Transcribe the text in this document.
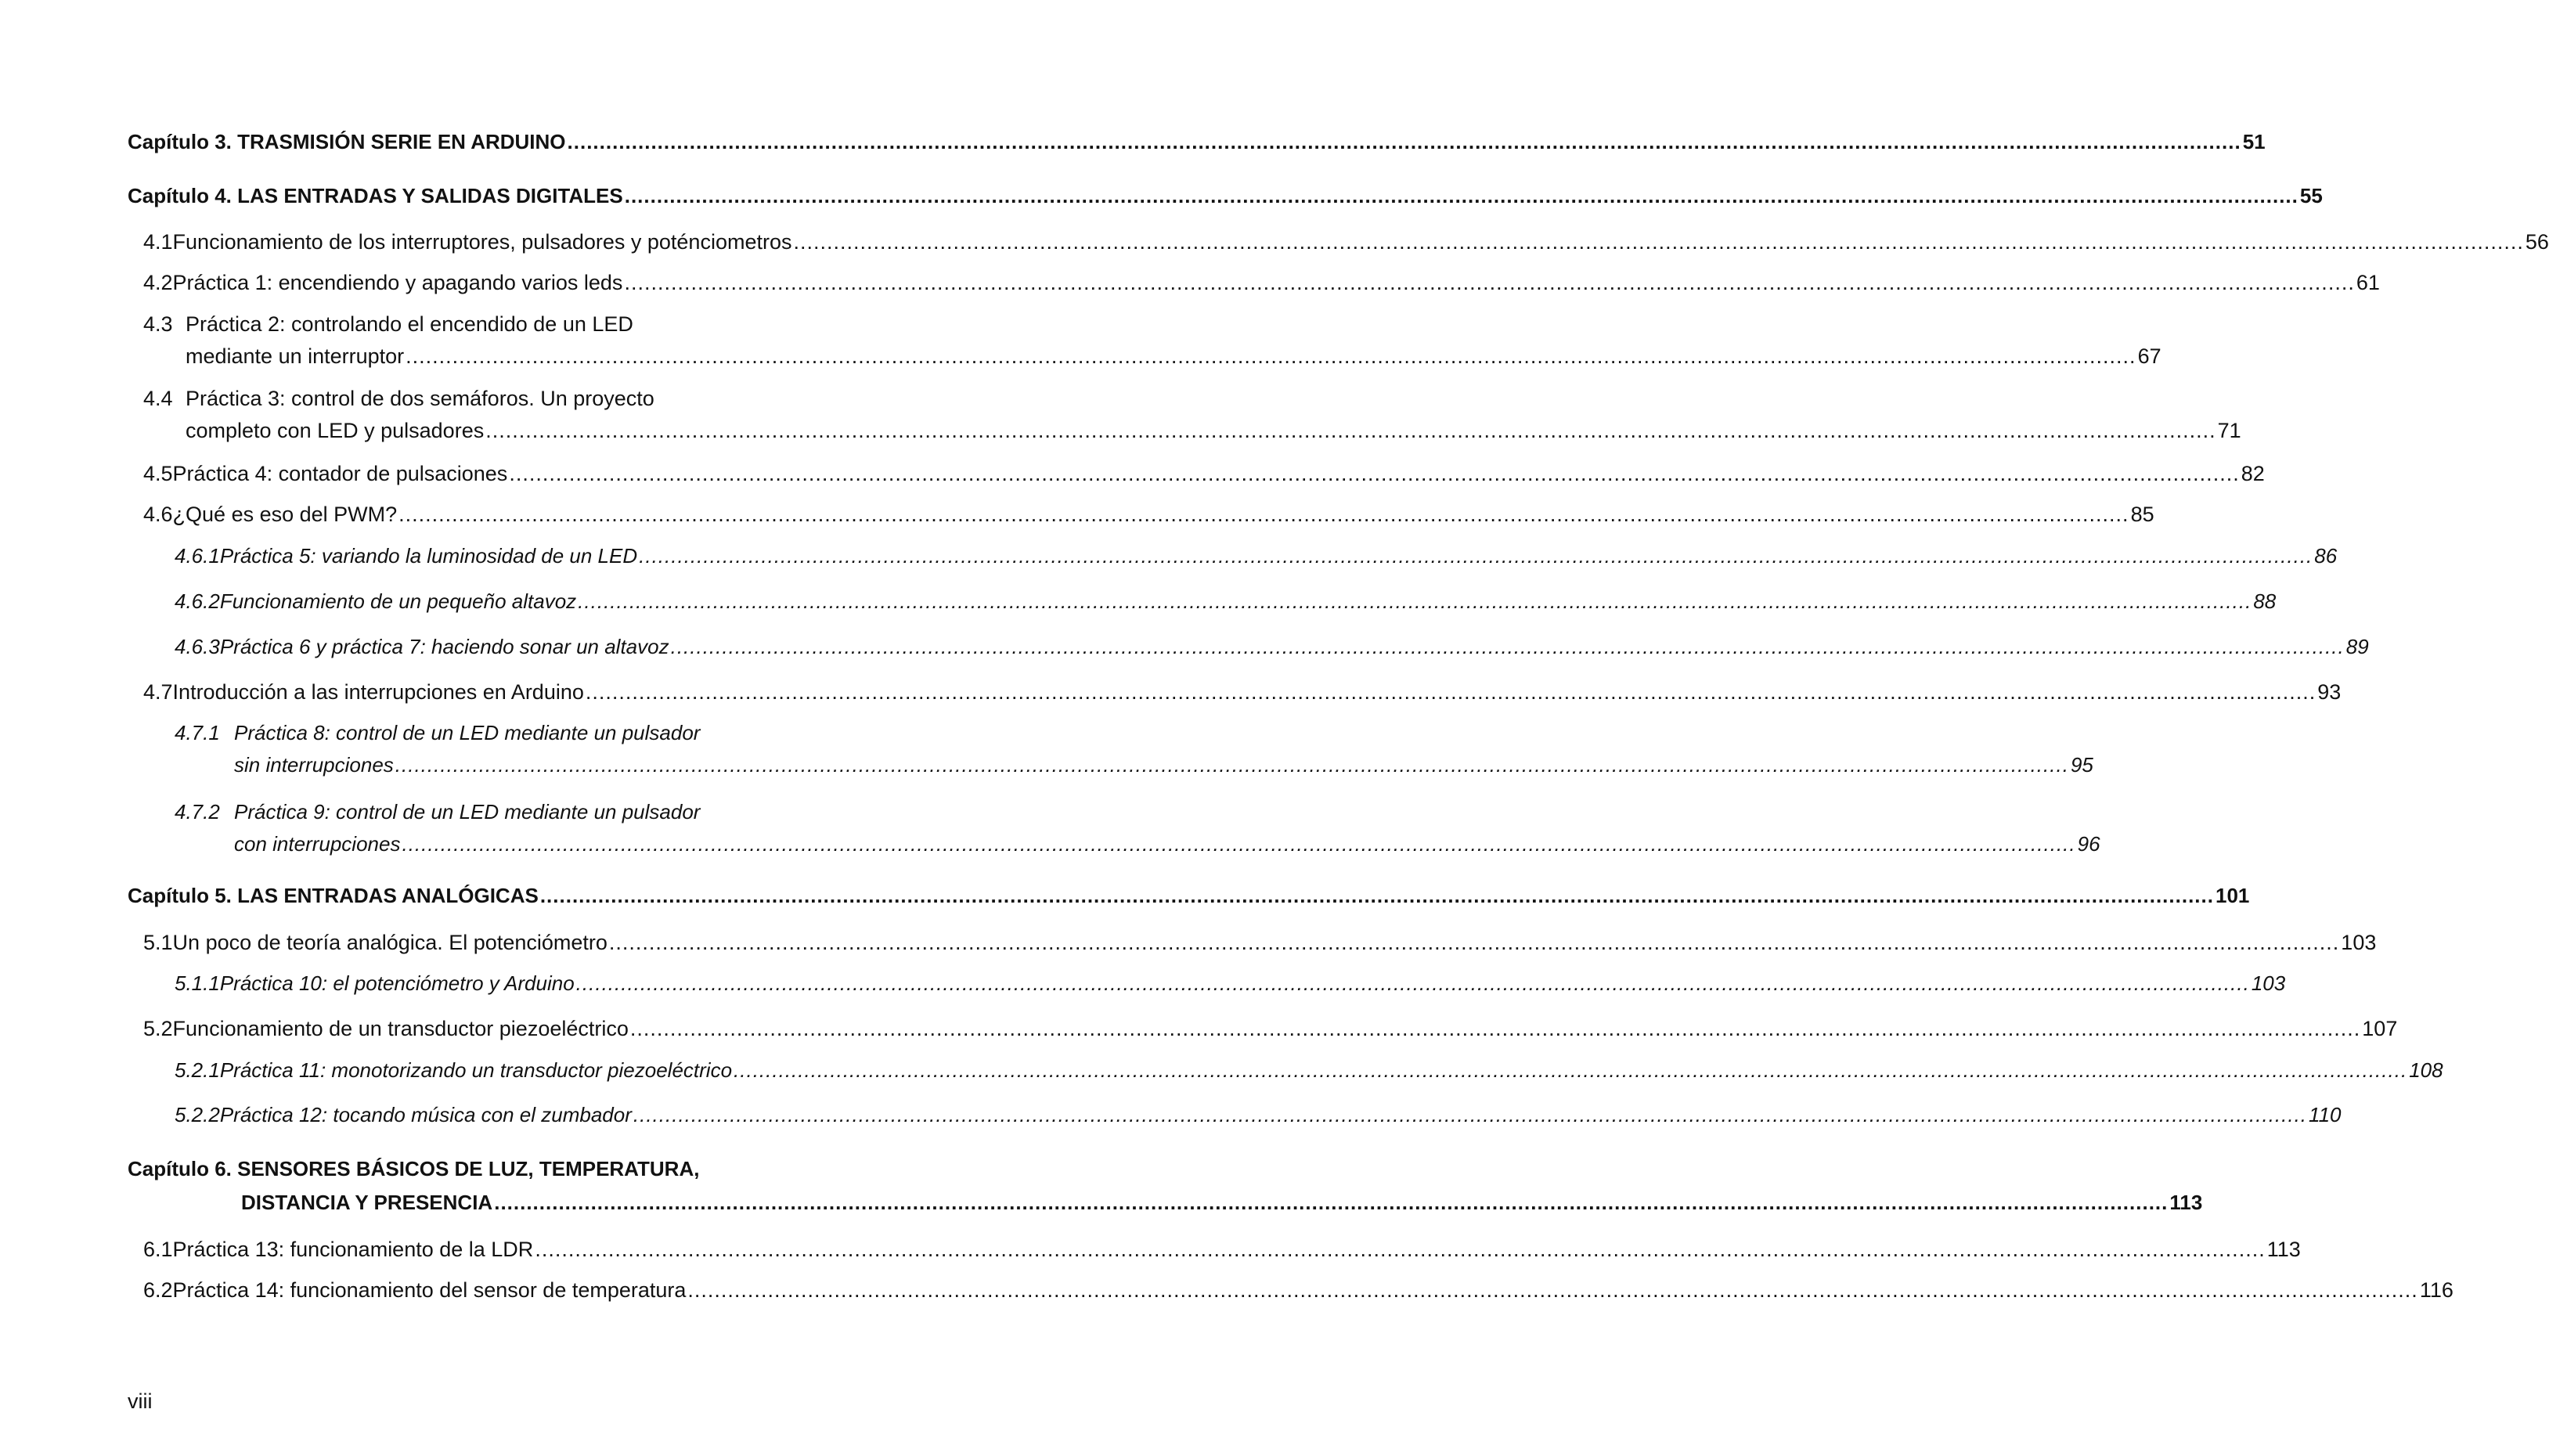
Capítulo 3. TRASMISIÓN SERIE EN ARDUINO .....	51
Capítulo 4. LAS ENTRADAS Y SALIDAS DIGITALES .....	55
4.1 Funcionamiento de los interruptores, pulsadores y poténciometros .....	56
4.2 Práctica 1: encendiendo y apagando varios leds .....	61
4.3 Práctica 2: controlando el encendido de un LED
mediante un interruptor .....	67
4.4 Práctica 3: control de dos semáforos. Un proyecto
completo con LED y pulsadores .....	71
4.5 Práctica 4: contador de pulsaciones .....	82
4.6 ¿Qué es eso del PWM? .....	85
4.6.1 Práctica 5: variando la luminosidad de un LED .....	86
4.6.2 Funcionamiento de un pequeño altavoz .....	88
4.6.3 Práctica 6 y práctica 7: haciendo sonar un altavoz .....	89
4.7 Introducción a las interrupciones en Arduino .....	93
4.7.1 Práctica 8: control de un LED mediante un pulsador
sin interrupciones .....	95
4.7.2 Práctica 9: control de un LED mediante un pulsador
con interrupciones .....	96
Capítulo 5. LAS ENTRADAS ANALÓGICAS .....	101
5.1 Un poco de teoría analógica. El potenciómetro .....	103
5.1.1 Práctica 10: el potenciómetro y Arduino .....	103
5.2 Funcionamiento de un transductor piezoeléctrico .....	107
5.2.1 Práctica 11: monotorizando un transductor piezoeléctrico .....	108
5.2.2 Práctica 12: tocando música con el zumbador .....	110
Capítulo 6. SENSORES BÁSICOS DE LUZ, TEMPERATURA,
DISTANCIA Y PRESENCIA .....	113
6.1 Práctica 13: funcionamiento de la LDR .....	113
6.2 Práctica 14: funcionamiento del sensor de temperatura .....	116
viii
